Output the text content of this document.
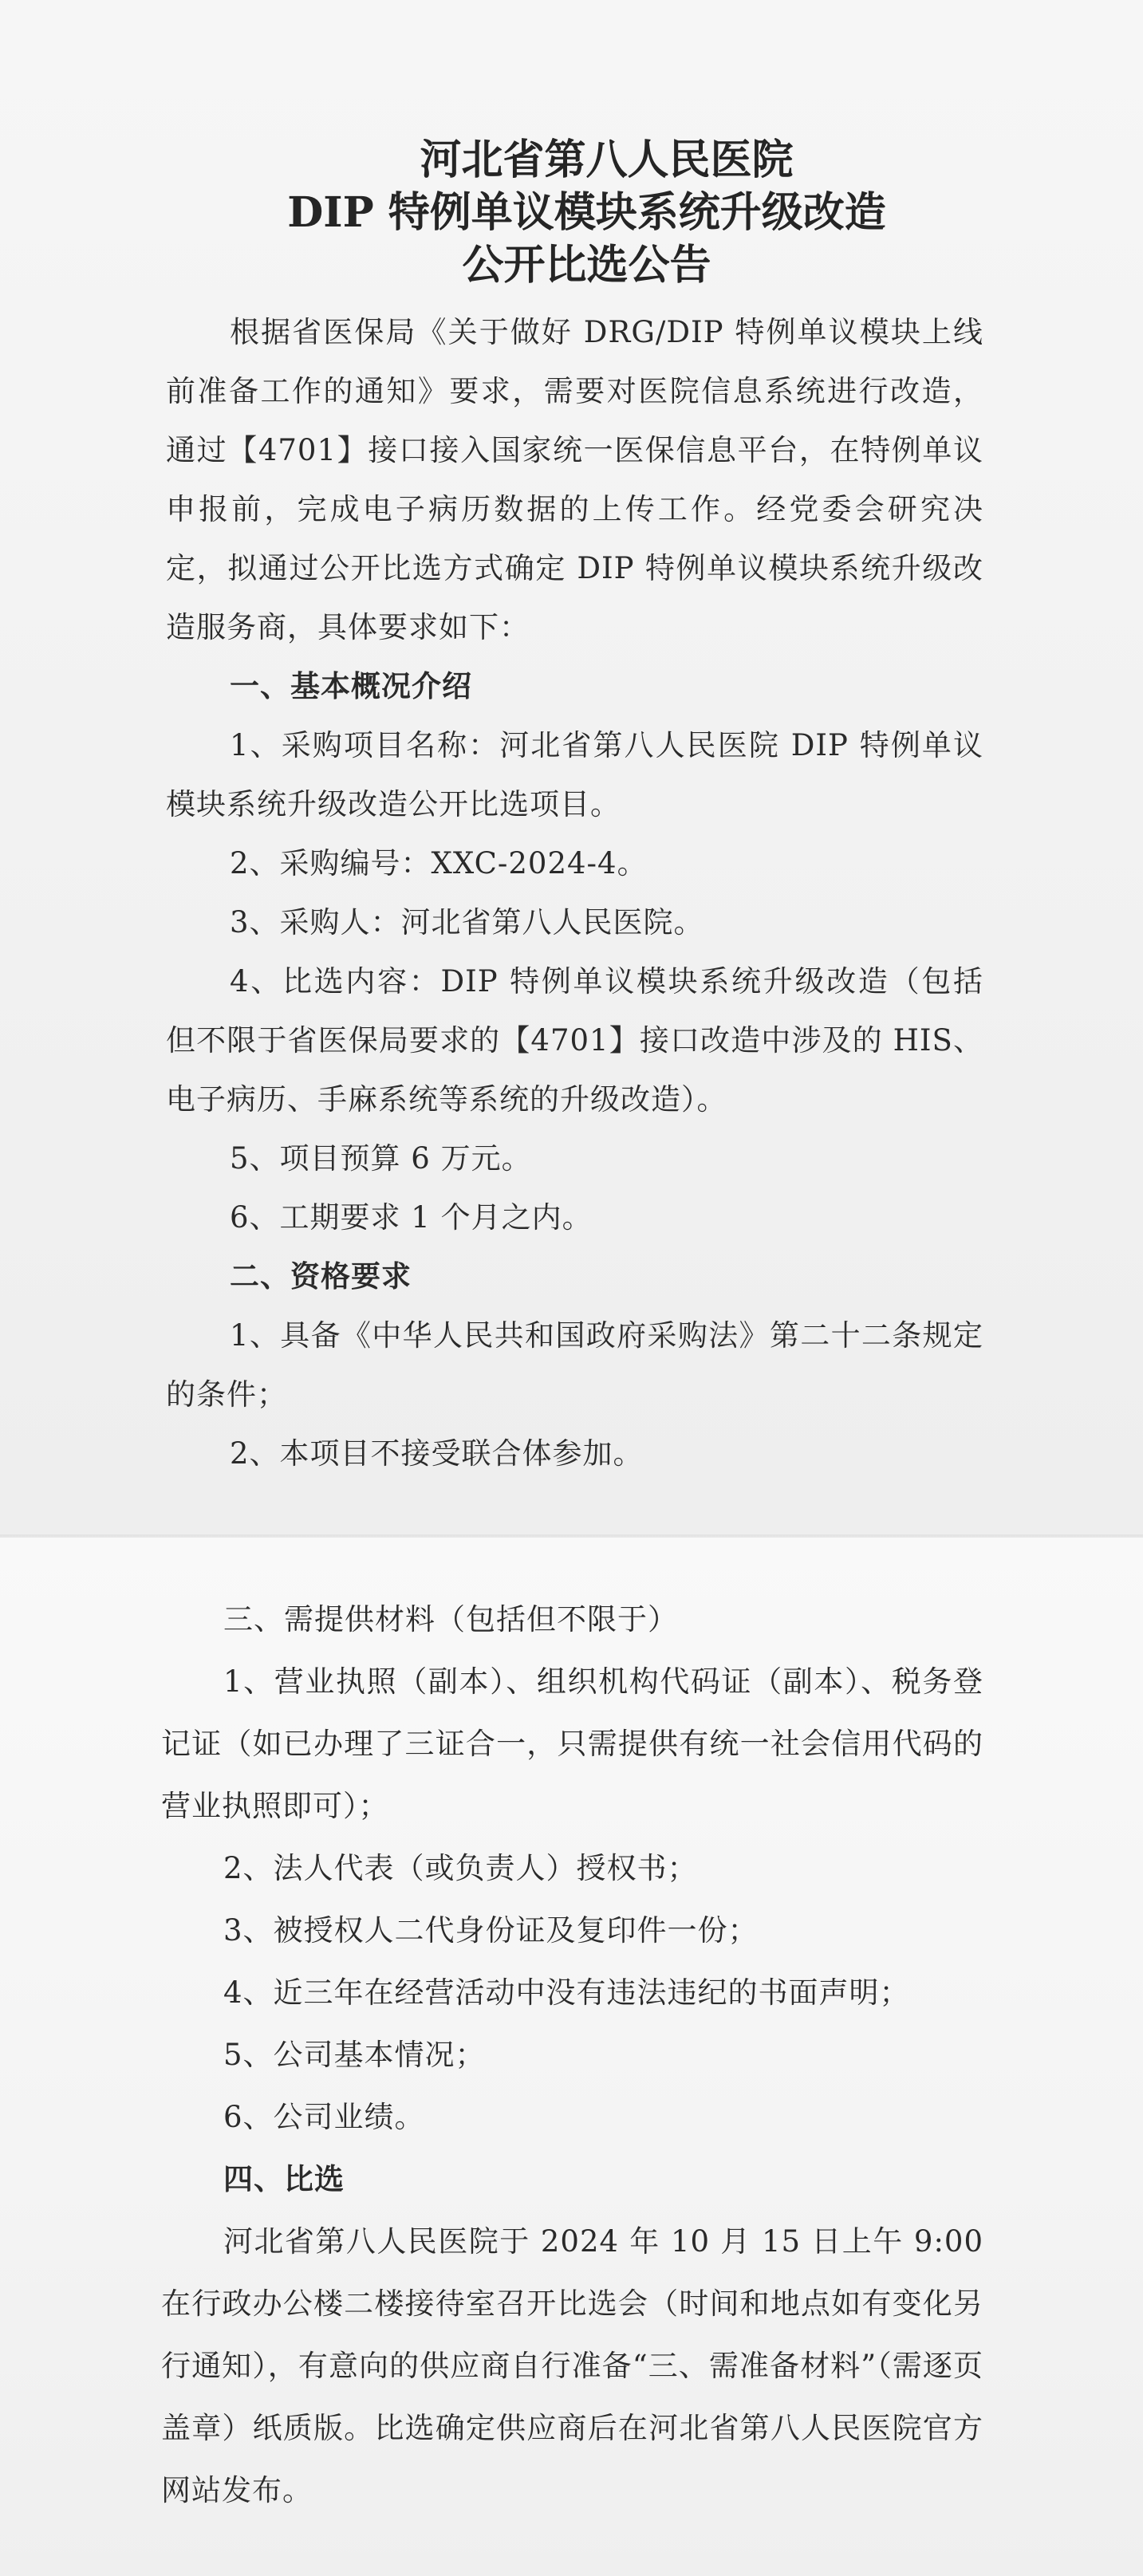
河北省第八人民医院

DIP 特例单议模块系统升级改造

公开比选公告

根据省医保局《关于做好 DRG/DIP 特例单议模块上线前准备工作的通知》要求，需要对医院信息系统进行改造，通过【4701】接口接入国家统一医保信息平台，在特例单议申报前，完成电子病历数据的上传工作。经党委会研究决定，拟通过公开比选方式确定 DIP 特例单议模块系统升级改造服务商，具体要求如下：

一、基本概况介绍

1、采购项目名称：河北省第八人民医院 DIP 特例单议模块系统升级改造公开比选项目。

2、采购编号：XXC-2024-4。

3、采购人：河北省第八人民医院。

4、比选内容：DIP 特例单议模块系统升级改造（包括但不限于省医保局要求的【4701】接口改造中涉及的 HIS、电子病历、手麻系统等系统的升级改造）。

5、项目预算 6 万元。

6、工期要求 1 个月之内。

二、资格要求

1、具备《中华人民共和国政府采购法》第二十二条规定的条件；

2、本项目不接受联合体参加。

三、需提供材料（包括但不限于）

1、营业执照（副本）、组织机构代码证（副本）、税务登记证（如已办理了三证合一，只需提供有统一社会信用代码的营业执照即可）；

2、法人代表（或负责人）授权书；

3、被授权人二代身份证及复印件一份；

4、近三年在经营活动中没有违法违纪的书面声明；

5、公司基本情况；

6、公司业绩。

四、比选

河北省第八人民医院于 2024 年 10 月 15 日上午 9:00 在行政办公楼二楼接待室召开比选会（时间和地点如有变化另行通知），有意向的供应商自行准备“三、需准备材料”（需逐页盖章）纸质版。比选确定供应商后在河北省第八人民医院官方网站发布。
